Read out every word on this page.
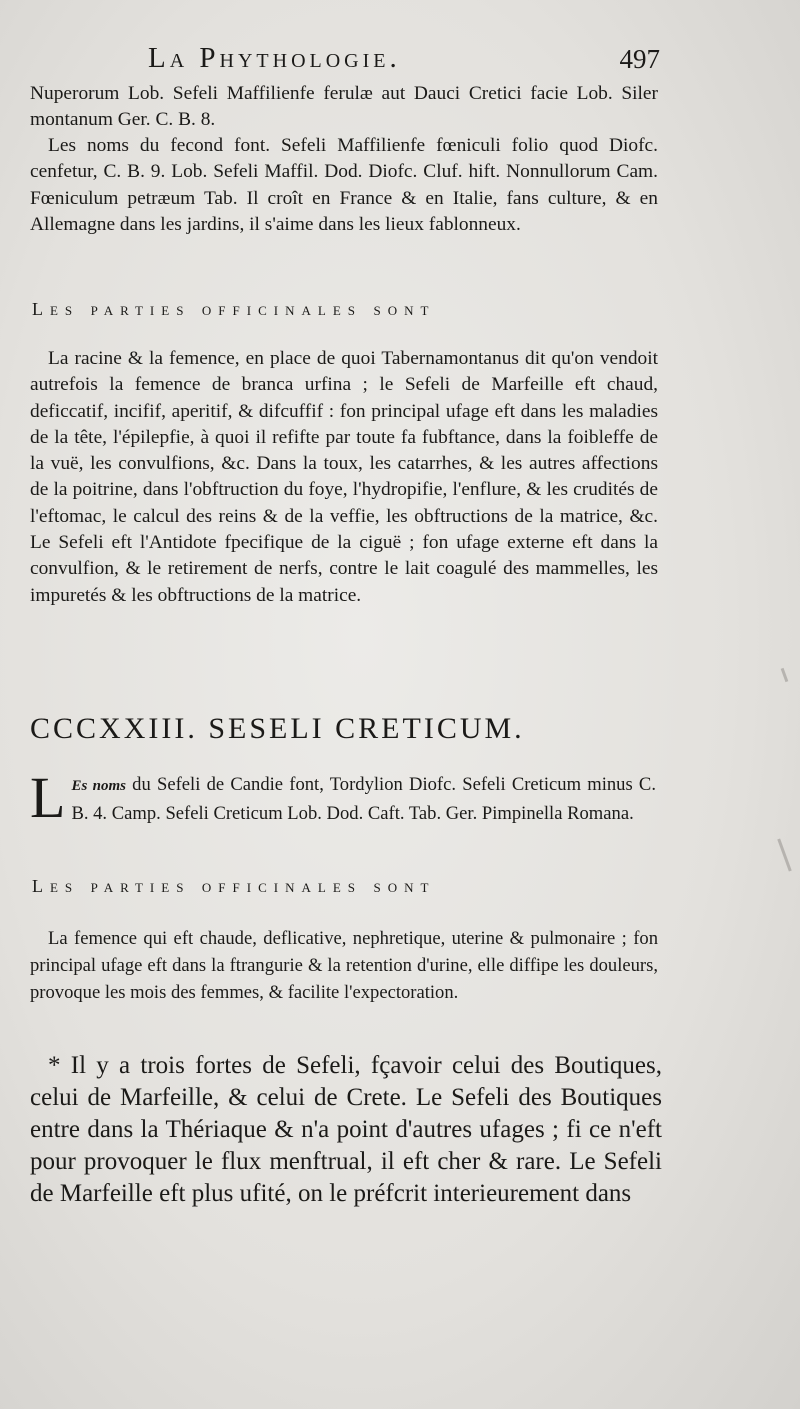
La Phythologie.	497

Nuperorum Lob. Sefeli Maffilienfe ferulæ aut Dauci Cretici facie Lob. Siler montanum Ger. C. B. 8.

Les noms du fecond font. Sefeli Maffilienfe fœniculi folio quod Diofc. cenfetur, C. B. 9. Lob. Sefeli Maffil. Dod. Diofc. Cluf. hift. Nonnullorum Cam. Fœniculum petræum Tab. Il croît en France & en Italie, fans culture, & en Allemagne dans les jardins, il s'aime dans les lieux fablonneux.

Les parties officinales sont

La racine & la femence, en place de quoi Tabernamontanus dit qu'on vendoit autrefois la femence de branca urfina ; le Sefeli de Marfeille eft chaud, deficcatif, incifif, aperitif, & difcuffif : fon principal ufage eft dans les maladies de la tête, l'épilepfie, à quoi il refifte par toute fa fubftance, dans la foibleffe de la vuë, les convulfions, &c. Dans la toux, les catarrhes, & les autres affections de la poitrine, dans l'obftruction du foye, l'hydropifie, l'enflure, & les crudités de l'eftomac, le calcul des reins & de la veffie, les obftructions de la matrice, &c. Le Sefeli eft l'Antidote fpecifique de la ciguë ; fon ufage externe eft dans la convulfion, & le retirement de nerfs, contre le lait coagulé des mammelles, les impuretés & les obftructions de la matrice.

CCCXXIII. SESELI CRETICUM.

L Es noms du Sefeli de Candie font, Tordylion Diofc. Sefeli Creticum minus C. B. 4. Camp. Sefeli Creticum Lob. Dod. Caft. Tab. Ger. Pimpinella Romana.

Les parties officinales sont

La femence qui eft chaude, deflicative, nephretique, uterine & pulmonaire ; fon principal ufage eft dans la ftrangurie & la retention d'urine, elle diffipe les douleurs, provoque les mois des femmes, & facilite l'expectoration.

* Il y a trois fortes de Sefeli, fçavoir celui des Boutiques, celui de Marfeille, & celui de Crete. Le Sefeli des Boutiques entre dans la Thériaque & n'a point d'autres ufages ; fi ce n'eft pour provoquer le flux menftrual, il eft cher & rare. Le Sefeli de Marfeille eft plus ufité, on le préfcrit interieurement dans
